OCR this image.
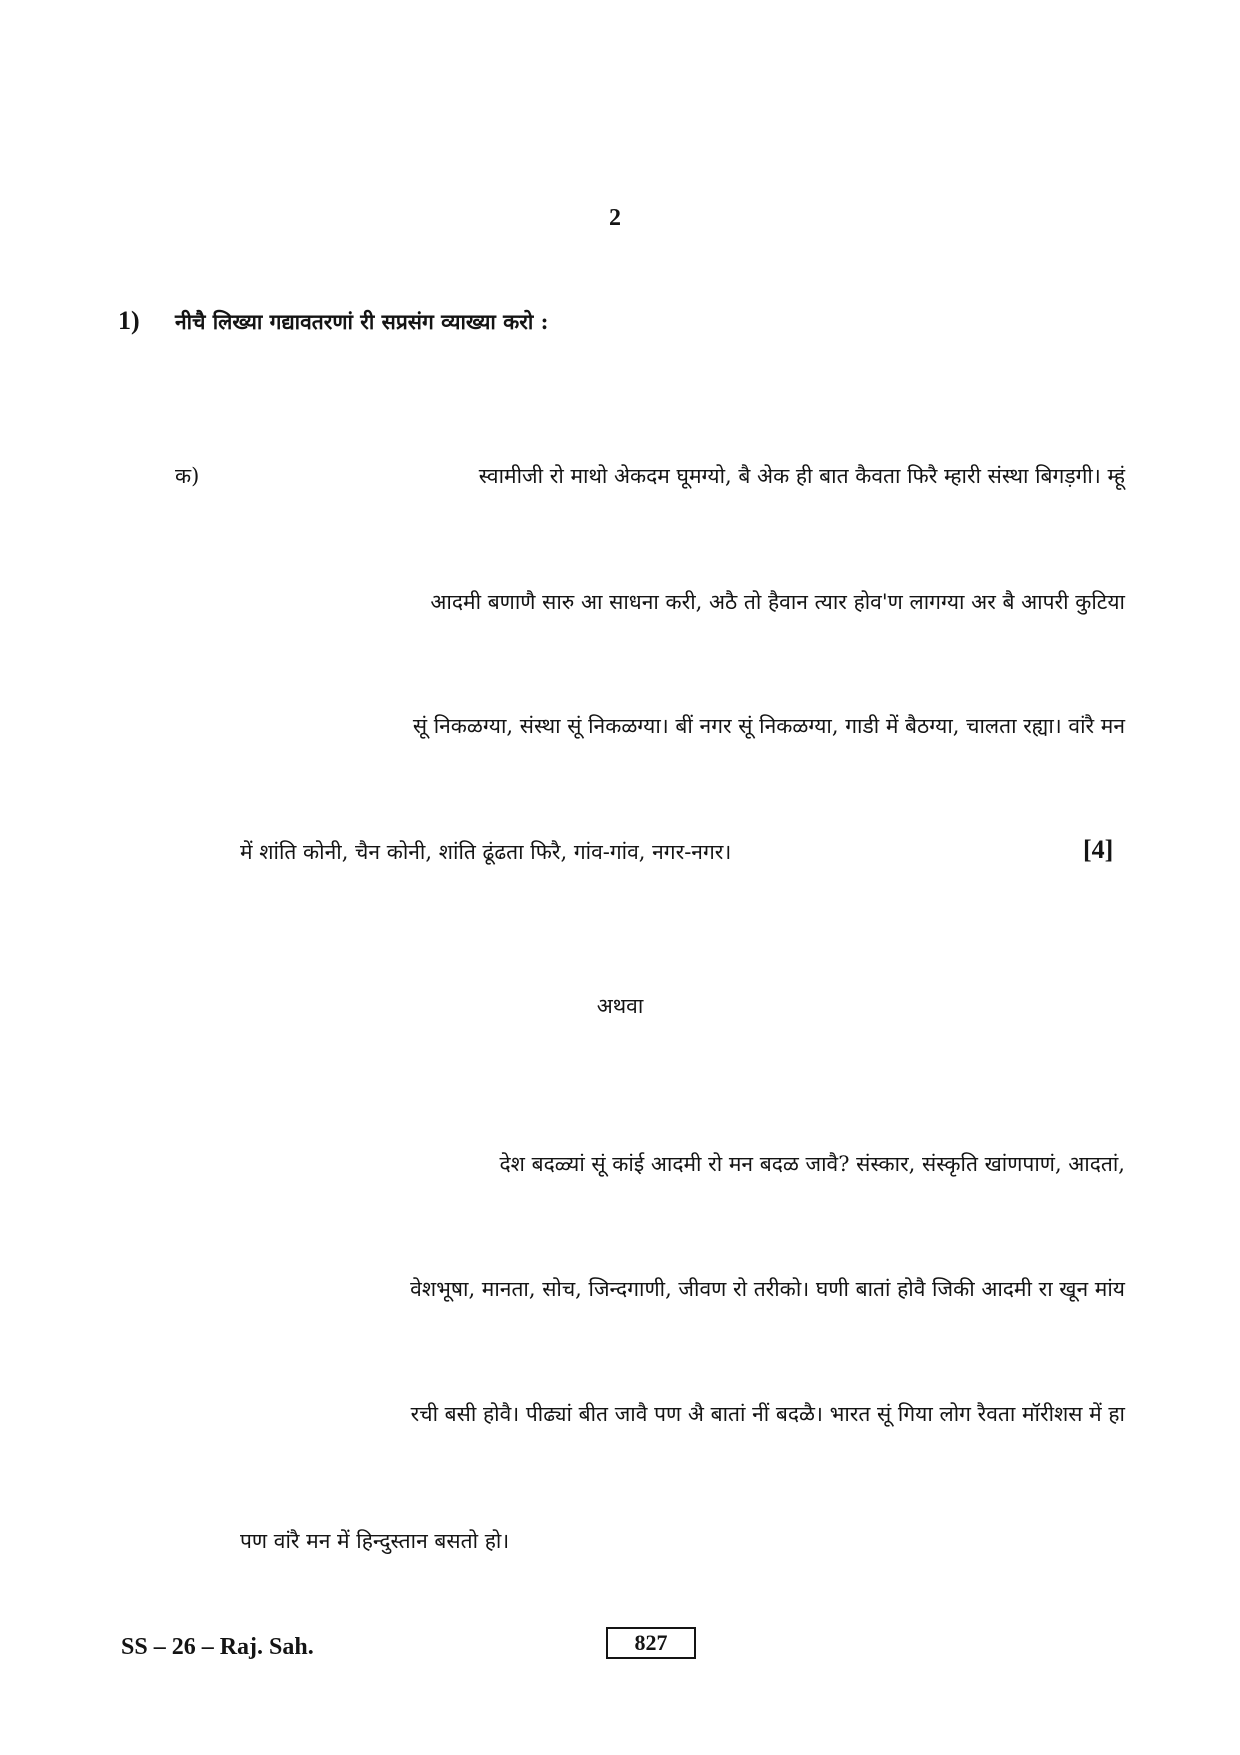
2
1) नीचै लिख्या गद्यावतरणां री सप्रसंग व्याख्या करो :
क)	स्वामीजी रो माथो अेकदम घूमग्यो, बै अेक ही बात कैवता फिरै म्हारी संस्था बिगड़गी। म्हूं
आदमी बणाणै सारु आ साधना करी, अठै तो हैवान त्यार होव'ण लागग्या अर बै आपरी कुटिया
सूं निकळग्या, संस्था सूं निकळग्या। बीं नगर सूं निकळग्या, गाडी में बैठग्या, चालता रह्या। वांरै मन
में शांति कोनी, चैन कोनी, शांति ढूंढता फिरै, गांव-गांव, नगर-नगर।	[4]
अथवा
देश बदळ्यां सूं कांई आदमी रो मन बदळ जावै? संस्कार, संस्कृति खांणपाणं, आदतां,
वेशभूषा, मानता, सोच, जिन्दगाणी, जीवण रो तरीको। घणी बातां होवै जिकी आदमी रा खून मांय
रची बसी होवै। पीढ्यां बीत जावै पण अै बातां नीं बदळै। भारत सूं गिया लोग रैवता मॉरीशस में हा
पण वांरै मन में हिन्दुस्तान बसतो हो।
SS – 26 – Raj. Sah.	827
